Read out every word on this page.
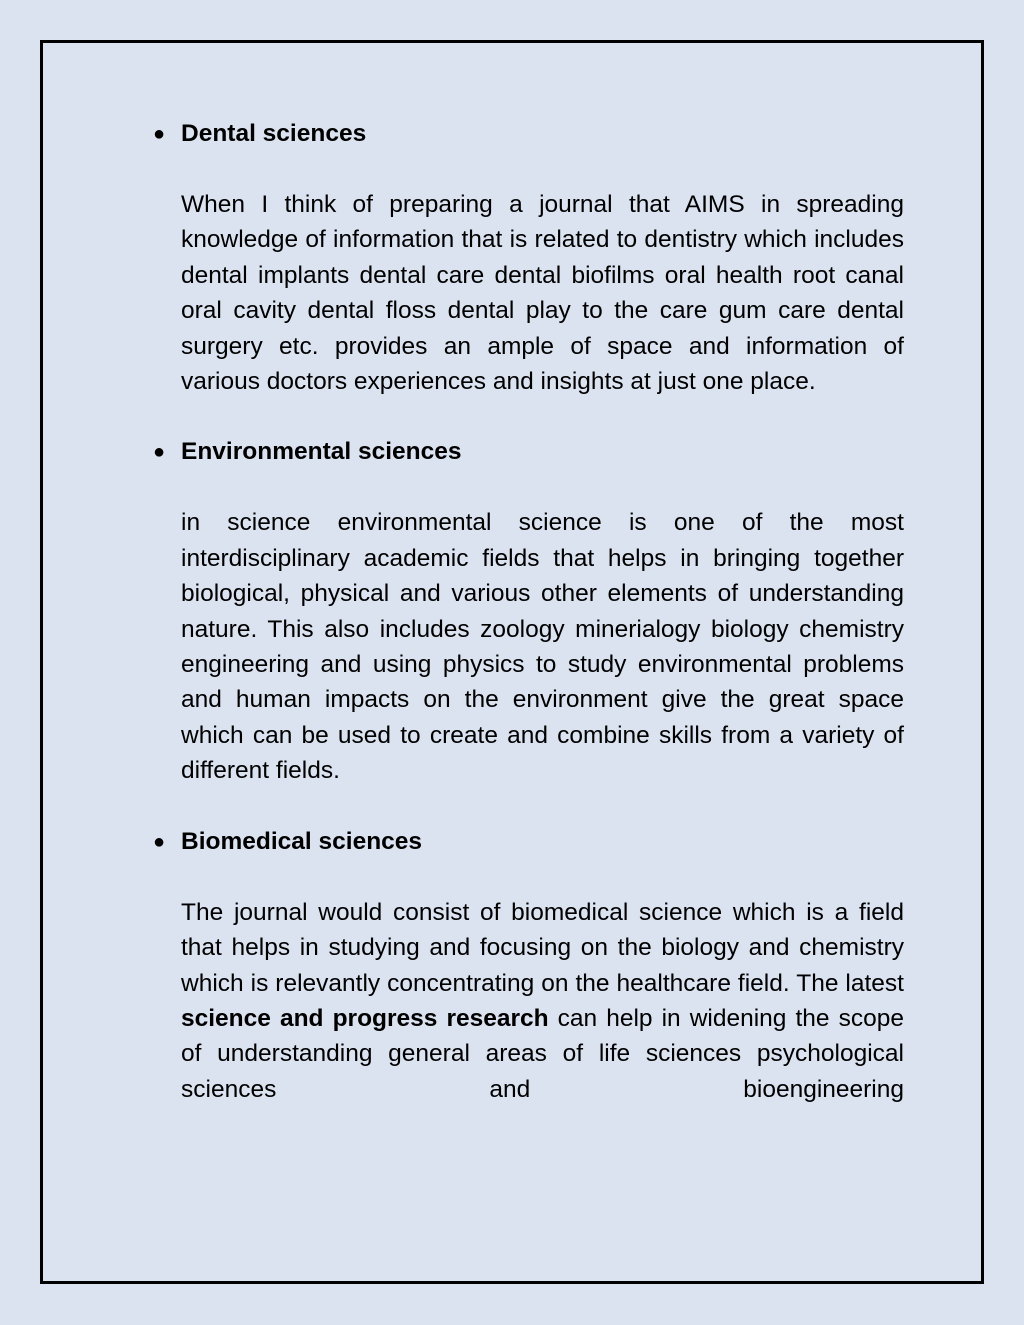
● Dental sciences

When I think of preparing a journal that AIMS in spreading knowledge of information that is related to dentistry which includes dental implants dental care dental biofilms oral health root canal oral cavity dental floss dental play to the care gum care dental surgery etc. provides an ample of space and information of various doctors experiences and insights at just one place.

● Environmental sciences

in science environmental science is one of the most interdisciplinary academic fields that helps in bringing together biological, physical and various other elements of understanding nature. This also includes zoology minerialogy biology chemistry engineering and using physics to study environmental problems and human impacts on the environment give the great space which can be used to create and combine skills from a variety of different fields.

● Biomedical sciences

The journal would consist of biomedical science which is a field that helps in studying and focusing on the biology and chemistry which is relevantly concentrating on the healthcare field. The latest science and progress research can help in widening the scope of understanding general areas of life sciences psychological sciences and bioengineering
